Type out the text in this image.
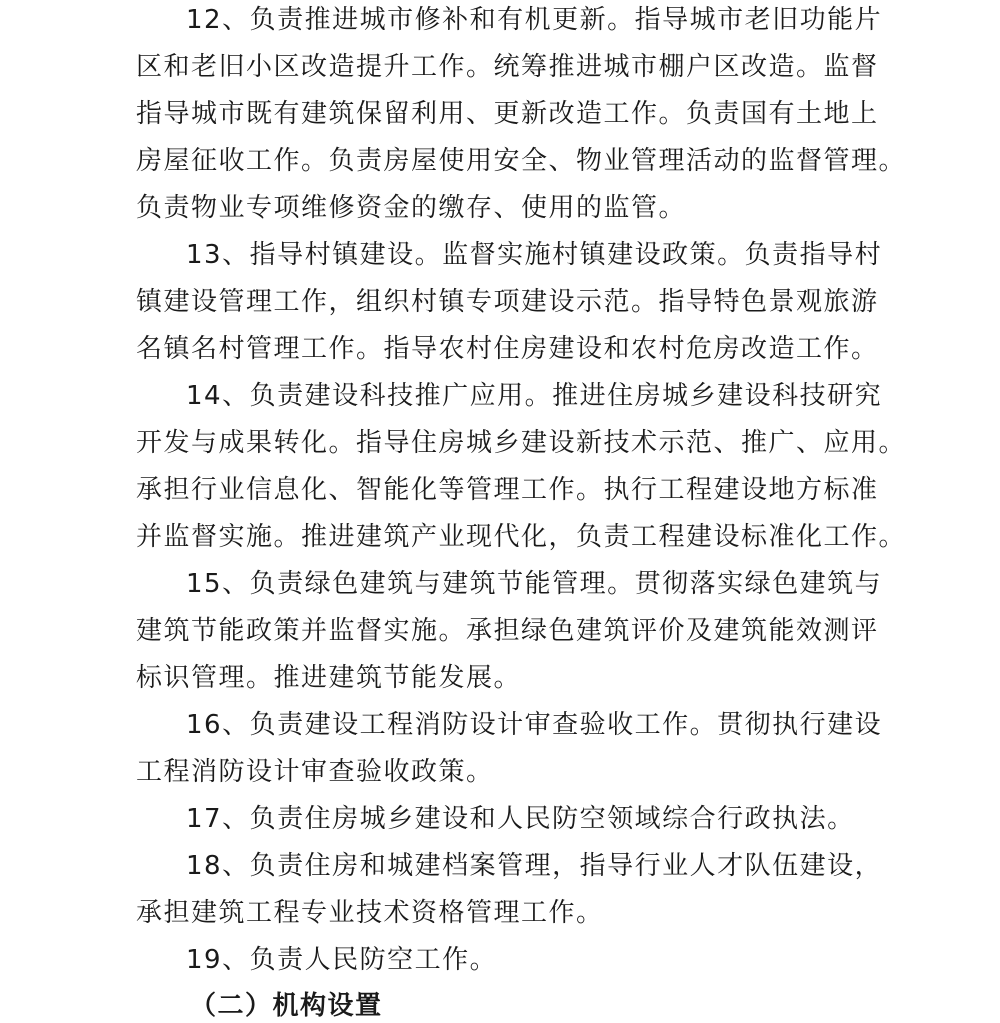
12、负责推进城市修补和有机更新。指导城市老旧功能片
区和老旧小区改造提升工作。统筹推进城市棚户区改造。监督
指导城市既有建筑保留利用、更新改造工作。负责国有土地上
房屋征收工作。负责房屋使用安全、物业管理活动的监督管理。
负责物业专项维修资金的缴存、使用的监管。
13、指导村镇建设。监督实施村镇建设政策。负责指导村
镇建设管理工作，组织村镇专项建设示范。指导特色景观旅游
名镇名村管理工作。指导农村住房建设和农村危房改造工作。
14、负责建设科技推广应用。推进住房城乡建设科技研究
开发与成果转化。指导住房城乡建设新技术示范、推广、应用。
承担行业信息化、智能化等管理工作。执行工程建设地方标准
并监督实施。推进建筑产业现代化，负责工程建设标准化工作。
15、负责绿色建筑与建筑节能管理。贯彻落实绿色建筑与
建筑节能政策并监督实施。承担绿色建筑评价及建筑能效测评
标识管理。推进建筑节能发展。
16、负责建设工程消防设计审查验收工作。贯彻执行建设
工程消防设计审查验收政策。
17、负责住房城乡建设和人民防空领域综合行政执法。
18、负责住房和城建档案管理，指导行业人才队伍建设，
承担建筑工程专业技术资格管理工作。
19、负责人民防空工作。
（二）机构设置
